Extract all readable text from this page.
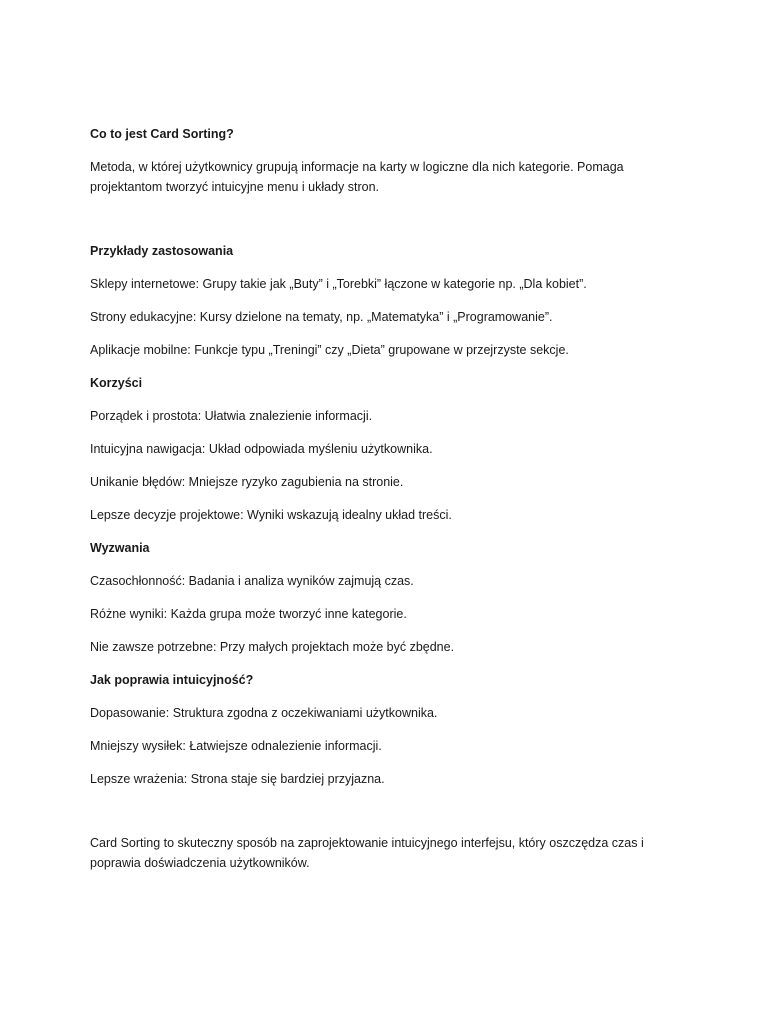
Co to jest Card Sorting?
Metoda, w której użytkownicy grupują informacje na karty w logiczne dla nich kategorie. Pomaga projektantom tworzyć intuicyjne menu i układy stron.
Przykłady zastosowania
Sklepy internetowe: Grupy takie jak „Buty” i „Torebki” łączone w kategorie np. „Dla kobiet”.
Strony edukacyjne: Kursy dzielone na tematy, np. „Matematyka” i „Programowanie”.
Aplikacje mobilne: Funkcje typu „Treningi” czy „Dieta” grupowane w przejrzyste sekcje.
Korzyści
Porządek i prostota: Ułatwia znalezienie informacji.
Intuicyjna nawigacja: Układ odpowiada myśleniu użytkownika.
Unikanie błędów: Mniejsze ryzyko zagubienia na stronie.
Lepsze decyzje projektowe: Wyniki wskazują idealny układ treści.
Wyzwania
Czasochłonność: Badania i analiza wyników zajmują czas.
Różne wyniki: Każda grupa może tworzyć inne kategorie.
Nie zawsze potrzebne: Przy małych projektach może być zbędne.
Jak poprawia intuicyjność?
Dopasowanie: Struktura zgodna z oczekiwaniami użytkownika.
Mniejszy wysiłek: Łatwiejsze odnalezienie informacji.
Lepsze wrażenia: Strona staje się bardziej przyjazna.
Card Sorting to skuteczny sposób na zaprojektowanie intuicyjnego interfejsu, który oszczędza czas i poprawia doświadczenia użytkowników.
